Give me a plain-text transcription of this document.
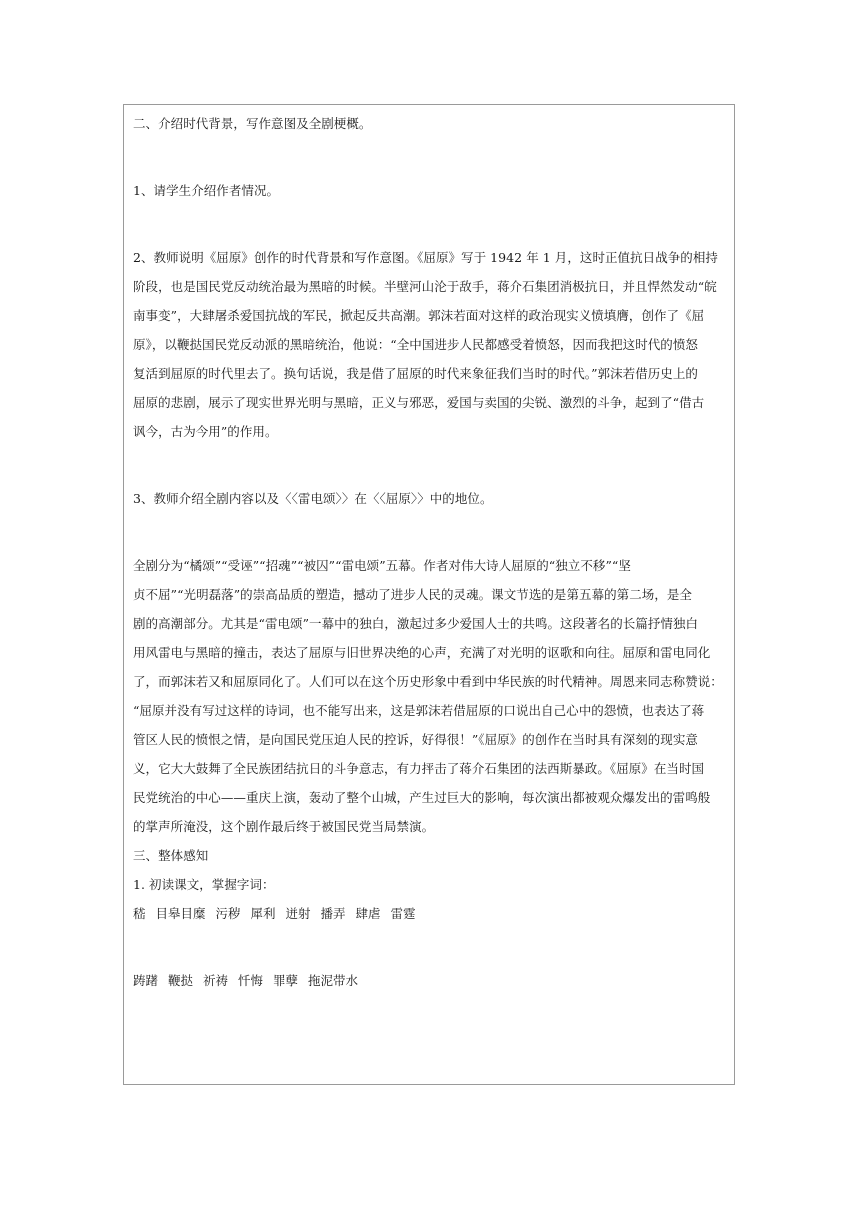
二、介绍时代背景，写作意图及全剧梗概。

1、请学生介绍作者情况。

2、教师说明《屈原》创作的时代背景和写作意图。《屈原》写于 1942 年 1 月，这时正值抗日战争的相持

阶段，也是国民党反动统治最为黑暗的时候。半壁河山沦于敌手，蒋介石集团消极抗日，并且悍然发动“皖

南事变”，大肆屠杀爱国抗战的军民，掀起反共高潮。郭沫若面对这样的政治现实义愤填膺，创作了《屈

原》，以鞭挞国民党反动派的黑暗统治，他说：“全中国进步人民都感受着愤怒，因而我把这时代的愤怒

复活到屈原的时代里去了。换句话说，我是借了屈原的时代来象征我们当时的时代。”郭沫若借历史上的

屈原的悲剧，展示了现实世界光明与黑暗，正义与邪恶，爱国与卖国的尖锐、激烈的斗争，起到了“借古

讽今，古为今用”的作用。

3、教师介绍全剧内容以及〈〈雷电颂〉〉在〈〈屈原〉〉中的地位。

全剧分为“橘颂”“受诬”“招魂”“被囚”“雷电颂”五幕。作者对伟大诗人屈原的“独立不移”“坚

贞不屈”“光明磊落”的崇高品质的塑造，撼动了进步人民的灵魂。课文节选的是第五幕的第二场，是全

剧的高潮部分。尤其是“雷电颂”一幕中的独白，激起过多少爱国人士的共鸣。这段著名的长篇抒情独白

用风雷电与黑暗的撞击，表达了屈原与旧世界决绝的心声，充满了对光明的讴歌和向往。屈原和雷电同化

了，而郭沫若又和屈原同化了。人们可以在这个历史形象中看到中华民族的时代精神。周恩来同志称赞说：

“屈原并没有写过这样的诗词，也不能写出来，这是郭沫若借屈原的口说出自己心中的怨愤，也表达了蒋

管区人民的愤恨之情，是向国民党压迫人民的控诉，好得很！”《屈原》的创作在当时具有深刻的现实意

义，它大大鼓舞了全民族团结抗日的斗争意志，有力抨击了蒋介石集团的法西斯暴政。《屈原》在当时国

民党统治的中心——重庆上演，轰动了整个山城，产生过巨大的影响，每次演出都被观众爆发出的雷鸣般

的掌声所淹没，这个剧作最后终于被国民党当局禁演。

三、整体感知

1. 初读课文，掌握字词：

嵇 目皋目糜 污秽 犀利 迸射 播弄 肆虐 雷霆

踌躇 鞭挞 祈祷 忏悔 罪孽 拖泥带水
